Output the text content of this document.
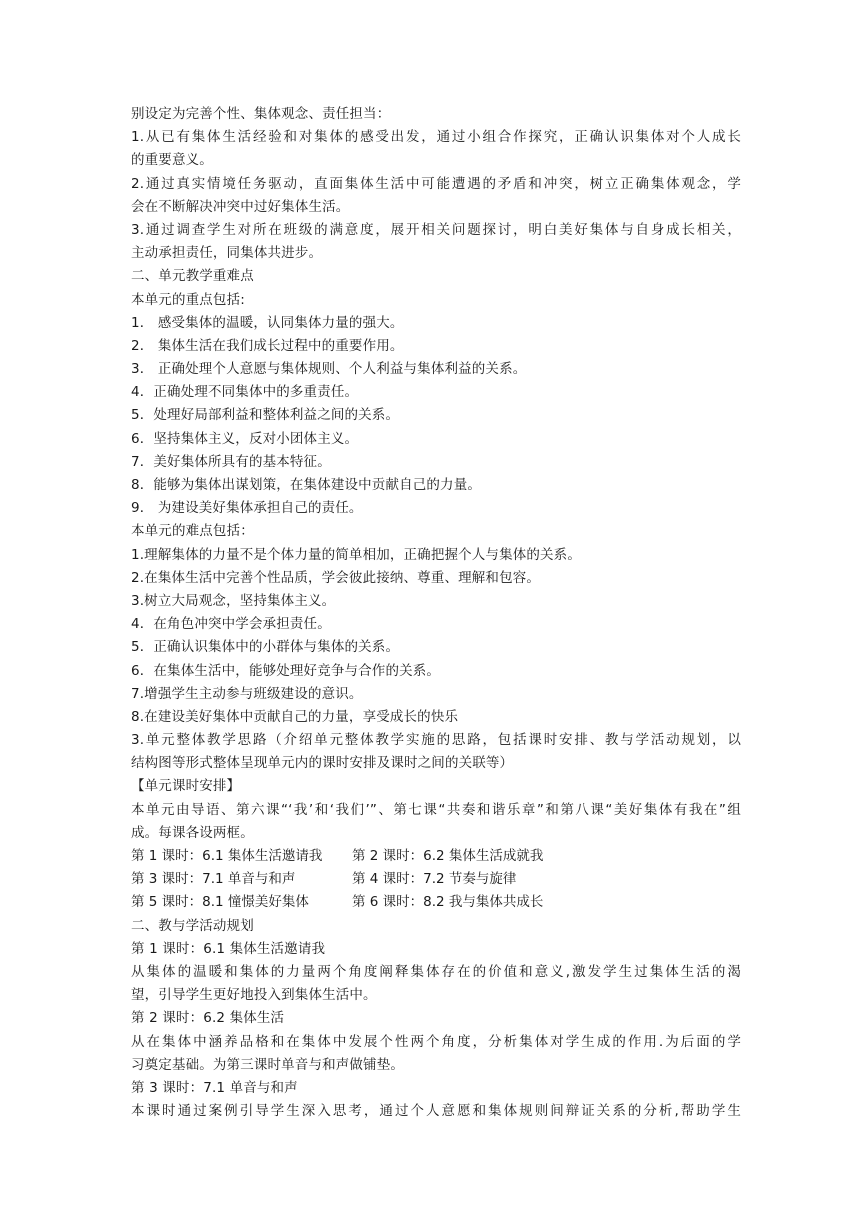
别设定为完善个性、集体观念、责任担当：
1.从已有集体生活经验和对集体的感受出发，通过小组合作探究，正确认识集体对个人成长
的重要意义。
2.通过真实情境任务驱动，直面集体生活中可能遭遇的矛盾和冲突，树立正确集体观念，学
会在不断解决冲突中过好集体生活。
3.通过调查学生对所在班级的满意度，展开相关问题探讨，明白美好集体与自身成长相关，
主动承担责任，同集体共进步。
二、单元教学重难点
本单元的重点包括:
1． 感受集体的温暖，认同集体力量的强大。
2． 集体生活在我们成长过程中的重要作用。
3． 正确处理个人意愿与集体规则、个人利益与集体利益的关系。
4．正确处理不同集体中的多重责任。
5．处理好局部利益和整体利益之间的关系。
6．坚持集体主义，反对小团体主义。
7．美好集体所具有的基本特征。
8．能够为集体出谋划策，在集体建设中贡献自己的力量。
9． 为建设美好集体承担自己的责任。
本单元的难点包括：
1.理解集体的力量不是个体力量的简单相加，正确把握个人与集体的关系。
2.在集体生活中完善个性品质，学会彼此接纳、尊重、理解和包容。
3.树立大局观念，坚持集体主义。
4．在角色冲突中学会承担责任。
5．正确认识集体中的小群体与集体的关系。
6．在集体生活中，能够处理好竞争与合作的关系。
7.增强学生主动参与班级建设的意识。
8.在建设美好集体中贡献自己的力量，享受成长的快乐
3.单元整体教学思路（介绍单元整体教学实施的思路，包括课时安排、教与学活动规划，以
结构图等形式整体呈现单元内的课时安排及课时之间的关联等）
【单元课时安排】
本单元由导语、第六课“‘我’和‘我们’”、第七课“共奏和谐乐章”和第八课“美好集体有我在”组
成。每课各设两框。
第 1 课时：6.1 集体生活邀请我	第 2 课时：6.2 集体生活成就我
第 3 课时：7.1 单音与和声	第 4 课时：7.2 节奏与旋律
第 5 课时：8.1 憧憬美好集体	第 6 课时：8.2 我与集体共成长
二、教与学活动规划
第 1 课时：6.1 集体生活邀请我
从集体的温暖和集体的力量两个角度阐释集体存在的价值和意义,激发学生过集体生活的渴
望，引导学生更好地投入到集体生活中。
第 2 课时：6.2 集体生活
从在集体中涵养品格和在集体中发展个性两个角度，分析集体对学生成的作用.为后面的学
习奠定基础。为第三课时单音与和声做铺垫。
第 3 课时：7.1 单音与和声
本课时通过案例引导学生深入思考，通过个人意愿和集体规则间辩证关系的分析,帮助学生
